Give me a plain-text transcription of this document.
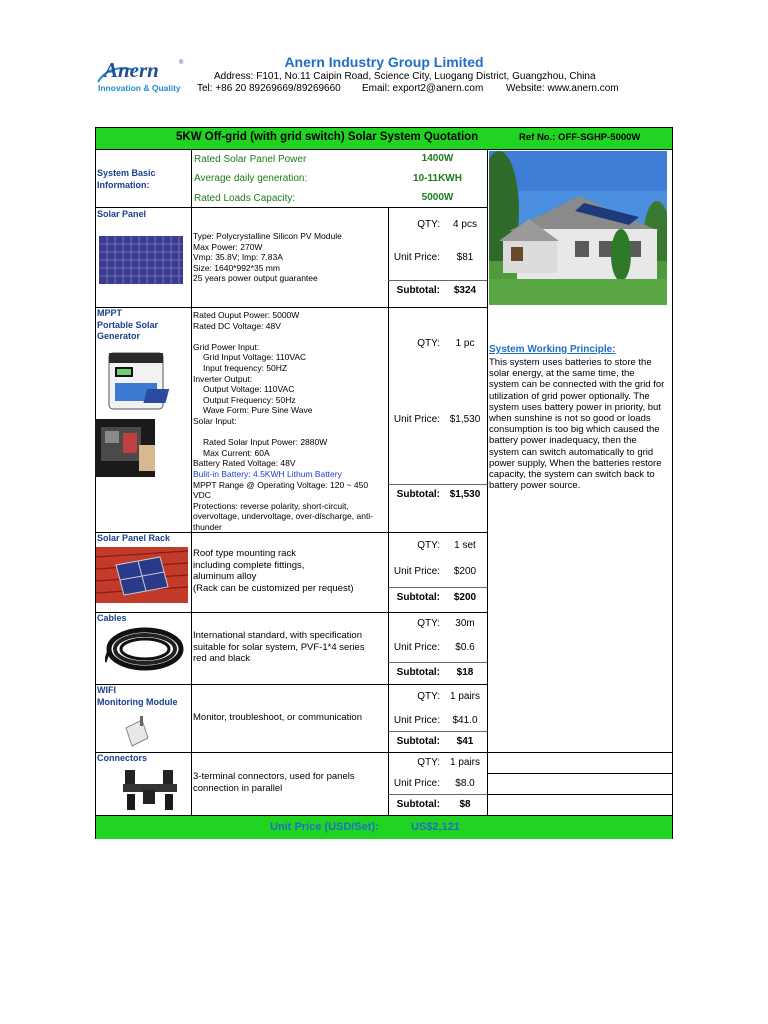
Anern	®
Innovation & Quality
Anern Industry Group Limited
Address: F101, No.11 Caipin Road, Science City, Luogang District, Guangzhou, China
Tel: +86 20 89269669/89269660 Email: export2@anern.com Website: www.anern.com
5KW Off-grid (with grid switch) Solar System Quotation	Ref No.: OFF-SGHP-5000W
System Basic
Information:
Rated Solar Panel Power	1400W
Average daily generation:	10-11KWH
Rated Loads Capacity:	5000W
Solar Panel
Type: Polycrystalline Silicon PV Module
Max Power: 270W
Vmp: 35.8V; Imp: 7.83A
Size: 1640*992*35 mm
25 years power output guarantee
QTY:	4 pcs
Unit Price:	$81
Subtotal:	$324
MPPT
Portable Solar
Generator
Rated Ouput Power: 5000W
Rated DC Voltage: 48V
Grid Power Input:
Grid Input Voltage: 110VAC
Input frequency: 50HZ
Inverter Output:
Output Voltage: 110VAC
Output Frequency: 50Hz
Wave Form: Pure Sine Wave
Solar Input:
Rated Solar Input Power: 2880W
Max Current: 60A
Battery Rated Voltage: 48V
Bulit-in Battery: 4.5KWH Lithum Battery
MPPT Range @ Operating Voltage: 120 ~ 450
VDC
Protections: reverse polarity, short-circuit,
overvoltage, undervoltage, over-discharge, anti-
thunder
QTY:	1 pc
Unit Price: $1,530
Subtotal: $1,530
System Working Principle:
This system uses batteries to store the
solar energy, at the same time, the
system can be connected with the grid for
utilization of grid power optionally. The
system uses battery power in priority, but
when sunshine is not so good or loads
consumption is too big which caused the
battery power inadequacy, then the
system can switch automatically to grid
power supply, When the batteries restore
capacity, the system can switch back to
battery power source.
Solar Panel Rack
Roof type mounting rack
including complete fittings,
aluminum alloy
(Rack can be customized per request)
QTY:	1 set
Unit Price:	$200
Subtotal:	$200
Cables
International standard, with specification
suitable for solar system, PVF-1*4 series
red and black
QTY:	30m
Unit Price:	$0.6
Subtotal:	$18
WIFI
Monitoring Module
Monitor, troubleshoot, or communication
QTY: 1 pairs
Unit Price:	$41.0
Subtotal:	$41
Connectors
3-terminal connectors, used for panels
connection in parallel
QTY: 1 pairs
Unit Price:	$8.0
Subtotal:	$8
Unit Price (USD/Set):	US$2,121
